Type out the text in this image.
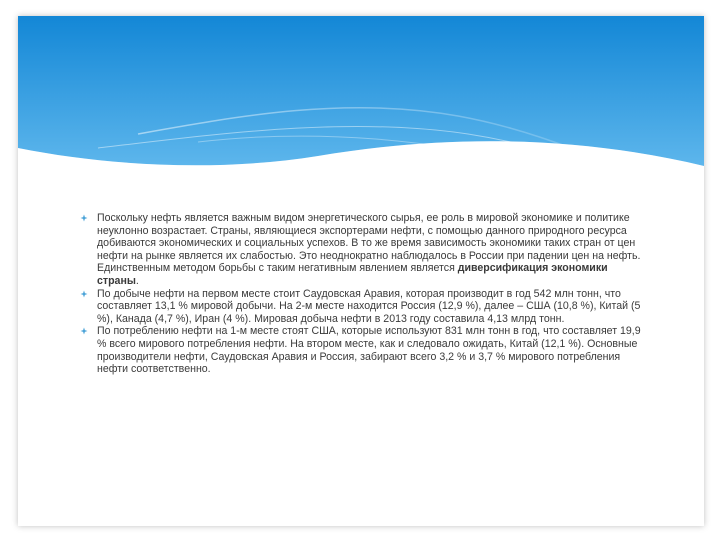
Поскольку нефть является важным видом энергетического сырья, ее роль в мировой экономике и политике неуклонно возрастает. Страны, являющиеся экспортерами нефти, с помощью данного природного ресурса добиваются экономических и социальных успехов. В то же время зависимость экономики таких стран от цен нефти на рынке является их слабостью. Это неоднократно наблюдалось в России при падении цен на нефть. Единственным методом борьбы с таким негативным явлением является диверсификация экономики страны.
По добыче нефти на первом месте стоит Саудовская Аравия, которая производит в год 542 млн тонн, что составляет 13,1 % мировой добычи. На 2-м месте находится Россия (12,9 %), далее – США (10,8 %), Китай (5 %), Канада (4,7 %), Иран (4 %). Мировая добыча нефти в 2013 году составила 4,13 млрд тонн.
По потреблению нефти на 1-м месте стоят США, которые используют 831 млн тонн в год, что составляет 19,9 % всего мирового потребления нефти. На втором месте, как и следовало ожидать, Китай (12,1 %). Основные производители нефти, Саудовская Аравия и Россия, забирают всего 3,2 % и 3,7 % мирового потребления нефти соответственно.
